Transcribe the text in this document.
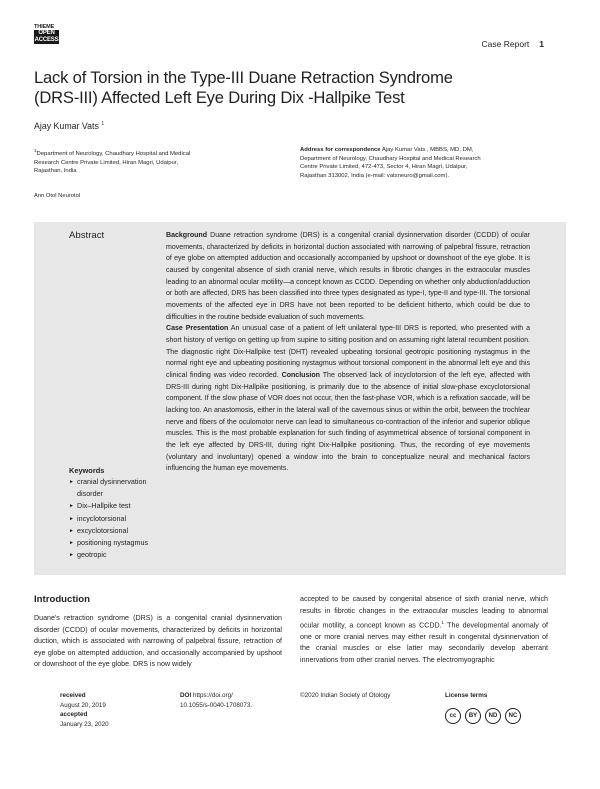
THIEME
OPEN
ACCESS	Case Report 1
Lack of Torsion in the Type-III Duane Retraction Syndrome
(DRS-III) Affected Left Eye During Dix -Hallpike Test
Ajay Kumar Vats $^1$
$^1$Department of Neurology, Chaudhary Hospital and Medical
Research Centre Private Limited, Hiran Magri, Udaipur,
Rajasthan, India
Address for correspondence Ajay Kumar Vats , MBBS, MD, DM,
Department of Neurology, Chaudhary Hospital and Medical Research
Centre Private Limited, 472-473, Sector 4, Hiran Magri, Udaipur,
Rajasthan 313002, India (e-mail: vatsneuro@gmail.com).
Ann Otol Neurotol
Abstract
Keywords
► cranial dysinnervation disorder
► Dix–Hallpike test
► incyclotorsional
► excyclotorsional
► positioning nystagmus
► geotropic
Background Duane retraction syndrome (DRS) is a congenital cranial dysinnervation disorder (CCDD) of ocular movements, characterized by deficits in horizontal duction associated with narrowing of palpebral fissure, retraction of eye globe on attempted adduction and occasionally accompanied by upshoot or downshoot of the eye globe. It is caused by congenital absence of sixth cranial nerve, which results in fibrotic changes in the extraocular muscles leading to an abnormal ocular motility—a concept known as CCDD. Depending on whether only abduction/adduction or both are affected, DRS has been classified into three types designated as type-I, type-II and type-III. The torsional movements of the affected eye in DRS have not been reported to be deficient hitherto, which could be due to difficulties in the routine bedside evaluation of such movements.
Case Presentation An unusual case of a patient of left unilateral type-III DRS is reported, who presented with a short history of vertigo on getting up from supine to sitting position and on assuming right lateral recumbent position. The diagnostic right Dix-Hallpike test (DHT) revealed upbeating torsional geotropic positioning nystagmus in the normal right eye and upbeating positioning nystagmus without torsional component in the abnormal left eye and this clinical finding was video recorded. Conclusion The observed lack of incyclotorsion of the left eye, affected with DRS-III during right Dix-Hallpike positioning, is primarily due to the absence of initial slow-phase excyclotorsional component. If the slow phase of VOR does not occur, then the fast-phase VOR, which is a refixation saccade, will be lacking too. An anastomosis, either in the lateral wall of the cavernous sinus or within the orbit, between the trochlear nerve and fibers of the oculomotor nerve can lead to simultaneous co-contraction of the inferior and superior oblique muscles. This is the most probable explanation for such finding of asymmetrical absence of torsional component in the left eye affected by DRS-III, during right Dix-Hallpike positioning. Thus, the recording of eye movements (voluntary and involuntary) opened a window into the brain to conceptualize neural and mechanical factors influencing the human eye movements.
Introduction
Duane's retraction syndrome (DRS) is a congenital cranial dysinnervation disorder (CCDD) of ocular movements, characterized by deficits in horizontal duction, which is associated with narrowing of palpebral fissure, retraction of eye globe on attempted adduction, and occasionally accompanied by upshoot or downshoot of the eye globe. DRS is now widely
accepted to be caused by congenital absence of sixth cranial nerve, which results in fibrotic changes in the extraocular muscles leading to abnormal ocular motility, a concept known as CCDD.$^1$ The developmental anomaly of one or more cranial nerves may either result in congenital dysinnervation of the cranial muscles or else latter may secondarily develop aberrant innervations from other cranial nerves. The electromyographic
received
August 20, 2019
accepted
January 23, 2020
DOI https://doi.org/
10.1055/s-0040-1708073.
©2020 Indian Society of Otology	License terms
cc	BY	ND	NC
